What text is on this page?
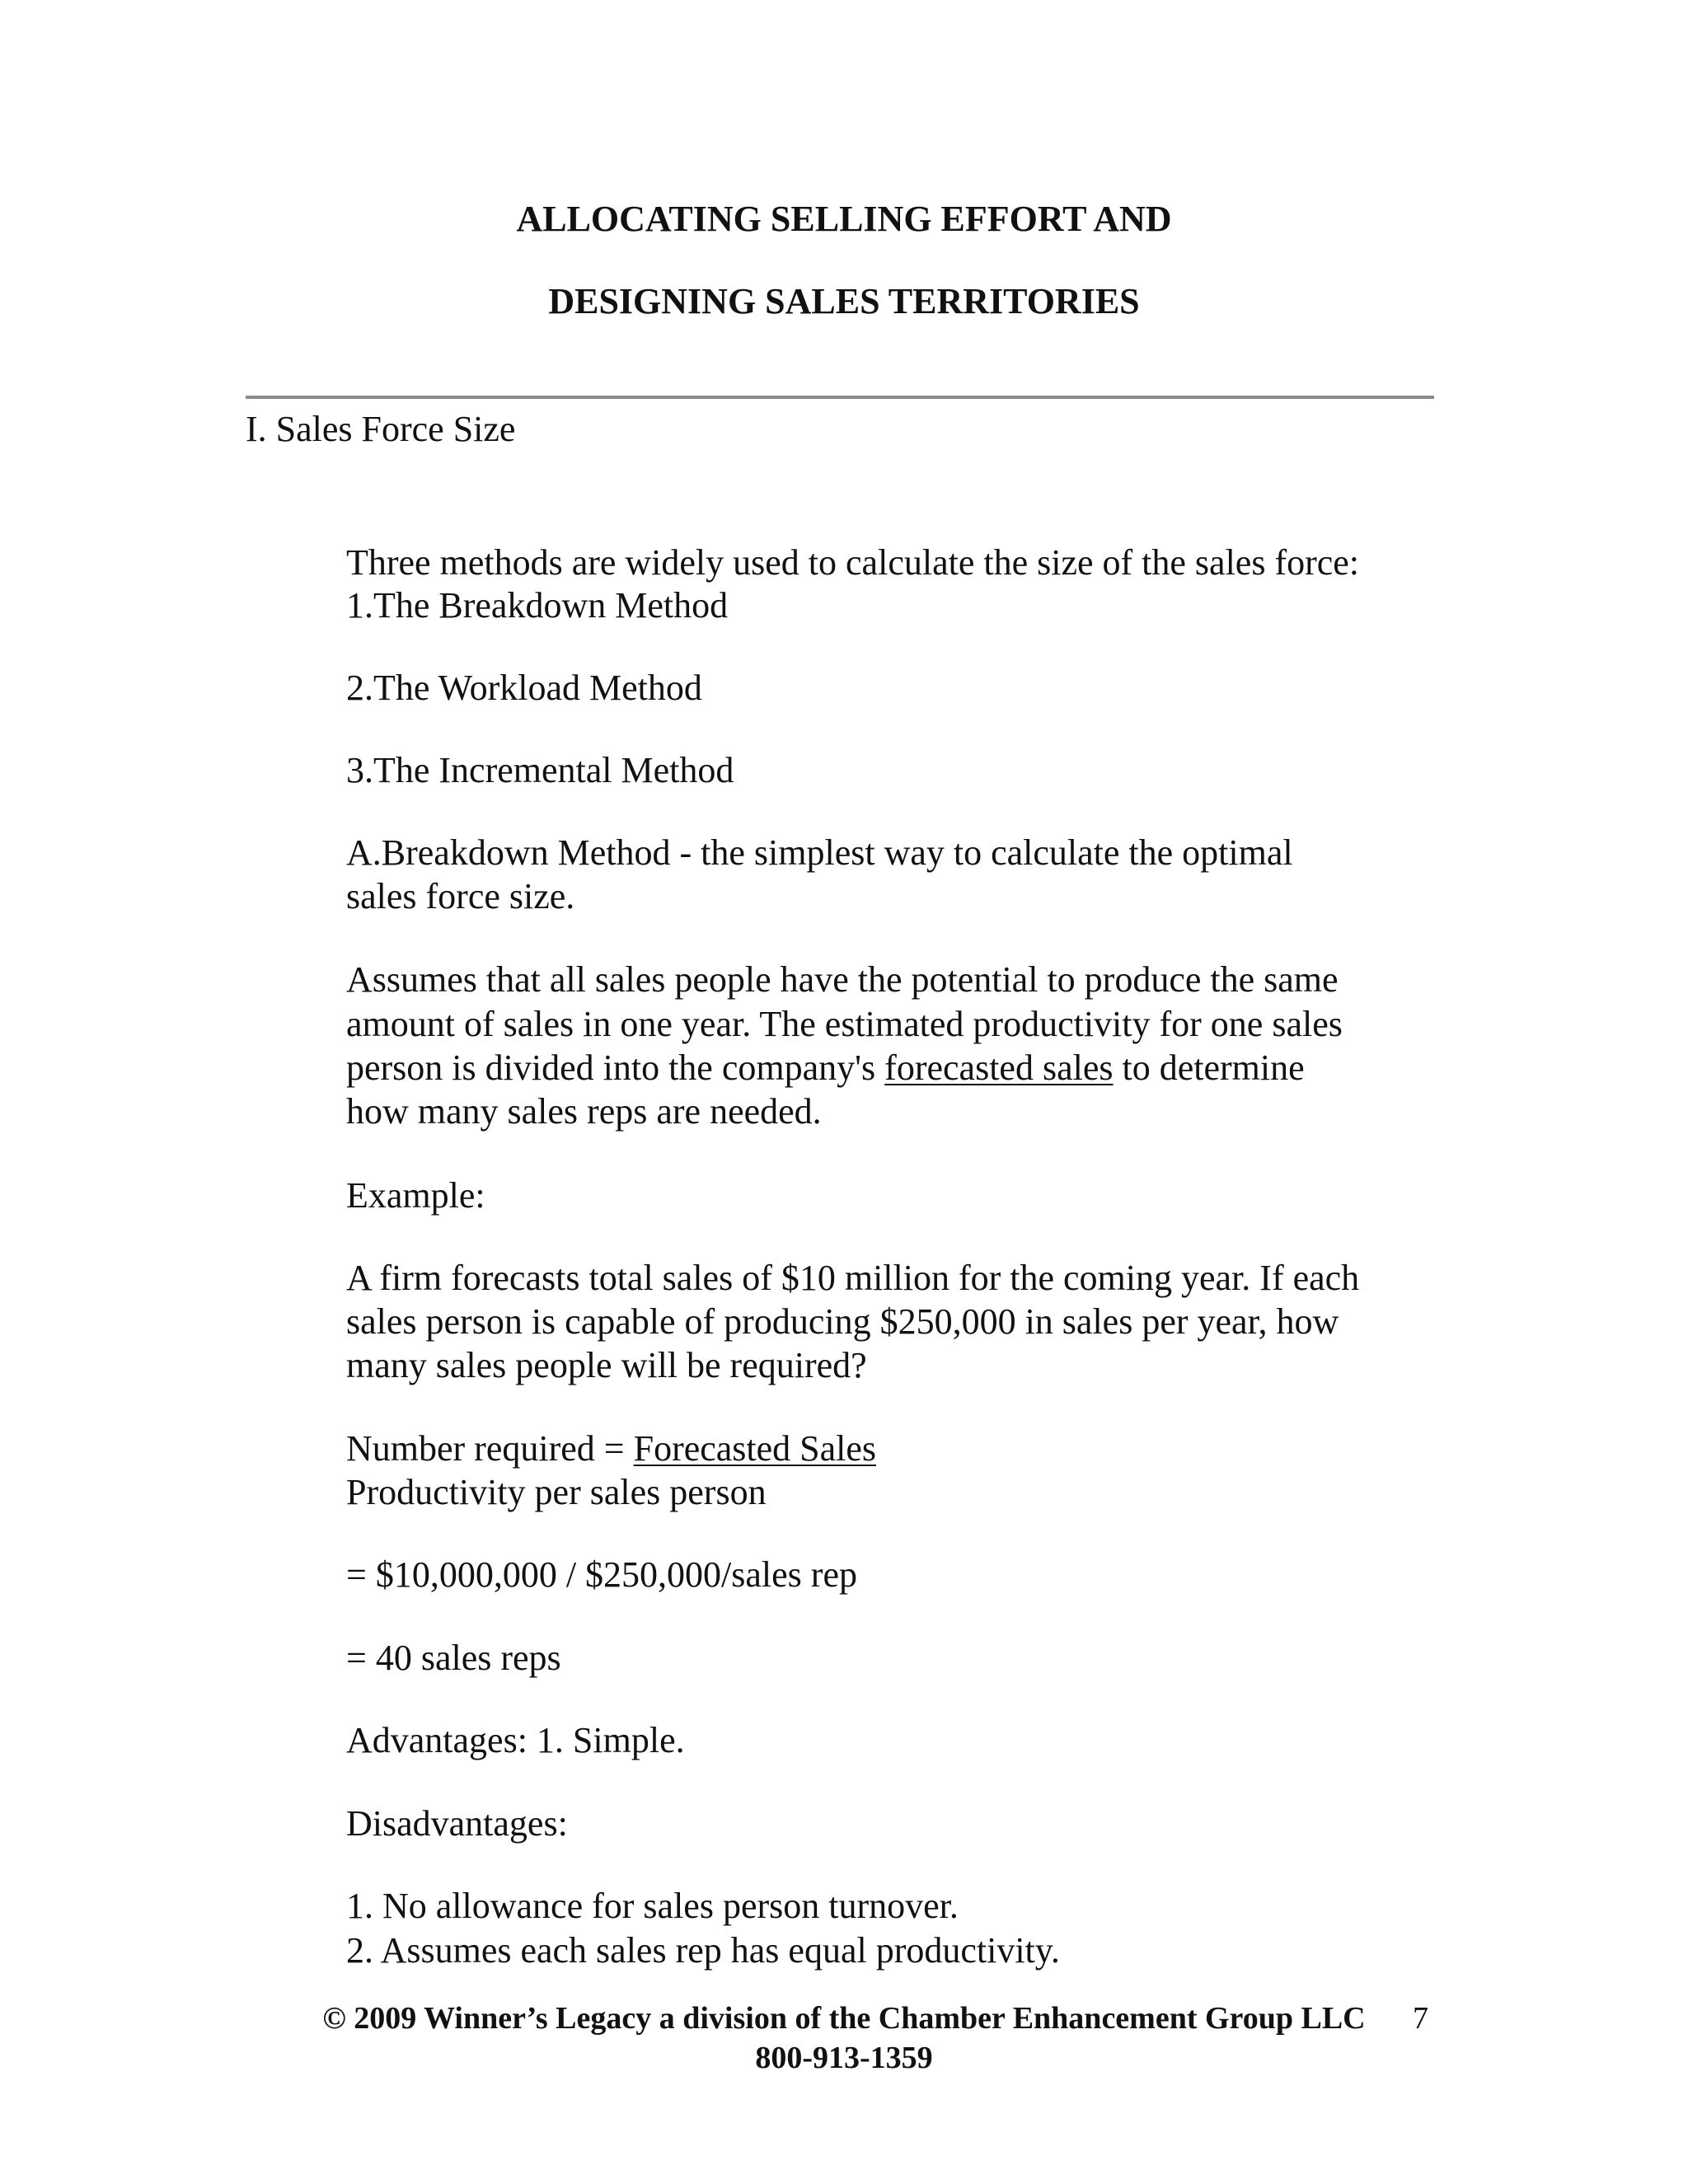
ALLOCATING SELLING EFFORT AND
DESIGNING SALES TERRITORIES

I. Sales Force Size

Three methods are widely used to calculate the size of the sales force:

1.The Breakdown Method

2.The Workload Method

3.The Incremental Method

A.Breakdown Method - the simplest way to calculate the optimal

sales force size.

Assumes that all sales people have the potential to produce the same

amount of sales in one year. The estimated productivity for one sales

person is divided into the company's forecasted sales to determine

how many sales reps are needed.

Example:

A firm forecasts total sales of $10 million for the coming year. If each

sales person is capable of producing $250,000 in sales per year, how

many sales people will be required?

Number required = Forecasted Sales

Productivity per sales person

= $10,000,000 / $250,000/sales rep

= 40 sales reps

Advantages: 1. Simple.

Disadvantages:

1. No allowance for sales person turnover.

2. Assumes each sales rep has equal productivity.

© 2009 Winner’s Legacy a division of the Chamber Enhancement Group LLC

800-913-1359

7
